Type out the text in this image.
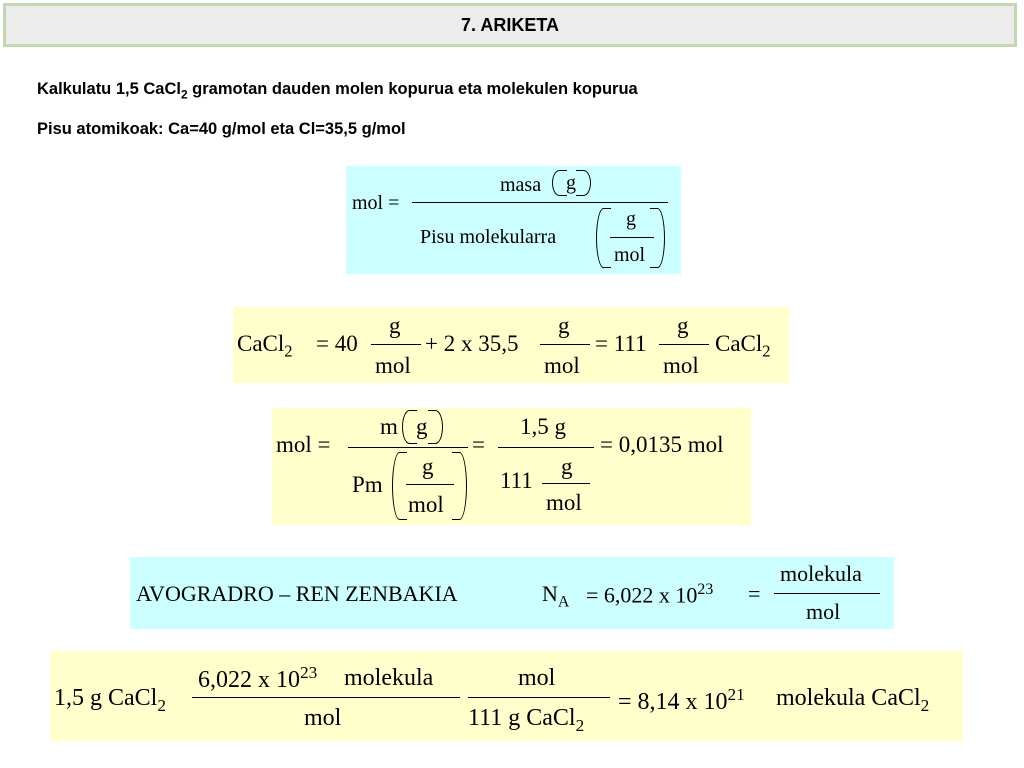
7. ARIKETA
Kalkulatu 1,5 CaCl$_2$ gramotan dauden molen kopurua eta molekulen kopurua
Pisu atomikoak: Ca=40 g/mol eta Cl=35,5 g/mol
mol =
masa g
Pisu molekularra
g
mol
CaCl$_2$ = 40
g
mol
+ 2 x 35,5
g
mol
= 111
g
mol
CaCl$_2$
mol =
m g
Pm
g
mol
=
1,5 g
111
g
mol
= 0,0135 mol
AVOGRADRO – REN ZENBAKIA	$N_A = 6,022$ x $10^{23}$ =
molekula
mol
1,5 g CaCl$_2$
6,022 x $10^{23}$ molekula
mol
mol
111 g CaCl$_2$
= 8,14 x $10^{21}$ molekula CaCl$_2$
